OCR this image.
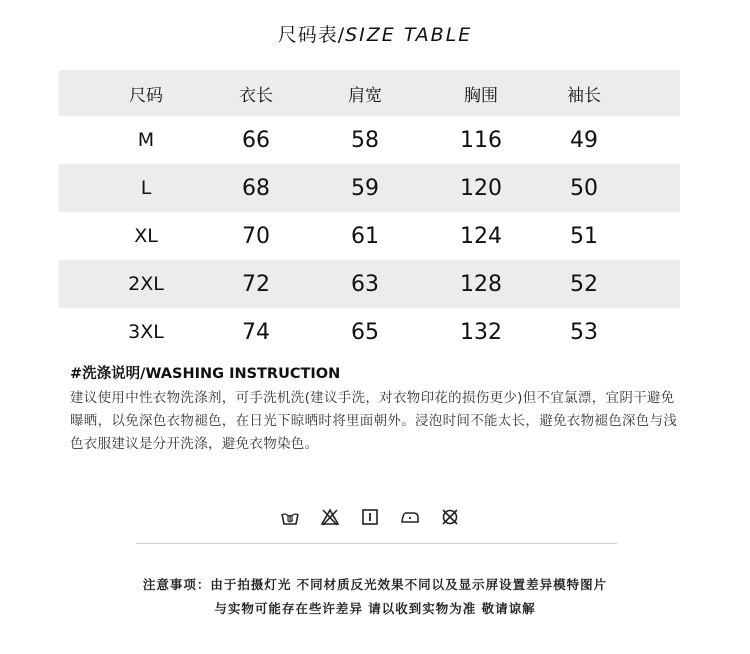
尺码表/SIZE TABLE
尺码	衣长	肩宽	胸围	袖长
M	66	58	116	49
L	68	59	120	50
XL	70	61	124	51
2XL	72	63	128	52
3XL	74	65	132	53
#洗涤说明/WASHING INSTRUCTION
建议使用中性衣物洗涤剂，可手洗机洗(建议手洗，对衣物印花的损伤更少)但不宜氯漂，宜阴干避免曝晒，以免深色衣物褪色，在日光下晾晒时将里面朝外。浸泡时间不能太长，避免衣物褪色深色与浅色衣服建议是分开洗涤，避免衣物染色。
注意事项：由于拍摄灯光 不同材质反光效果不同以及显示屏设置差异模特图片
与实物可能存在些许差异 请以收到实物为准 敬请谅解
